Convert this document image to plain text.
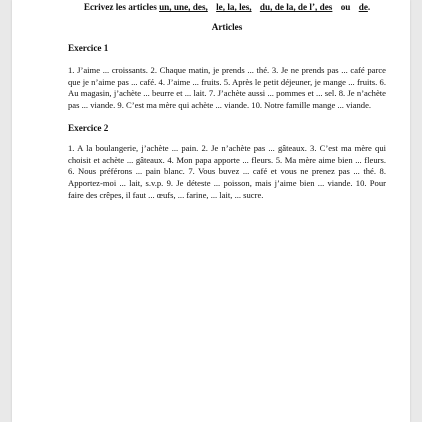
Ecrivez les articles un, une, des, le, la, les, du, de la, de l’, des ou de.
Articles
Exercice 1
1. J’aime ... croissants. 2. Chaque matin, je prends ... thé. 3. Je ne prends pas ... café parce que je n’aime pas ... café. 4. J’aime ... fruits. 5. Après le petit déjeuner, je mange ... fruits. 6. Au magasin, j’achète ... beurre et ... lait. 7. J’achète aussi ... pommes et ... sel. 8. Je n’achète pas ... viande. 9. C’est ma mère qui achète ... viande. 10. Notre famille mange ... viande.
Exercice 2
1. A la boulangerie, j’achète ... pain. 2. Je n’achète pas ... gâteaux. 3. C’est ma mère qui choisit et achète ... gâteaux. 4. Mon papa apporte ... fleurs. 5. Ma mère aime bien ... fleurs. 6. Nous préférons ... pain blanc. 7. Vous buvez ... café et vous ne prenez pas ... thé. 8. Apportez-moi ... lait, s.v.p. 9. Je déteste ... poisson, mais j’aime bien ... viande. 10. Pour faire des crêpes, il faut ... œufs, ... farine, ... lait, ... sucre.
